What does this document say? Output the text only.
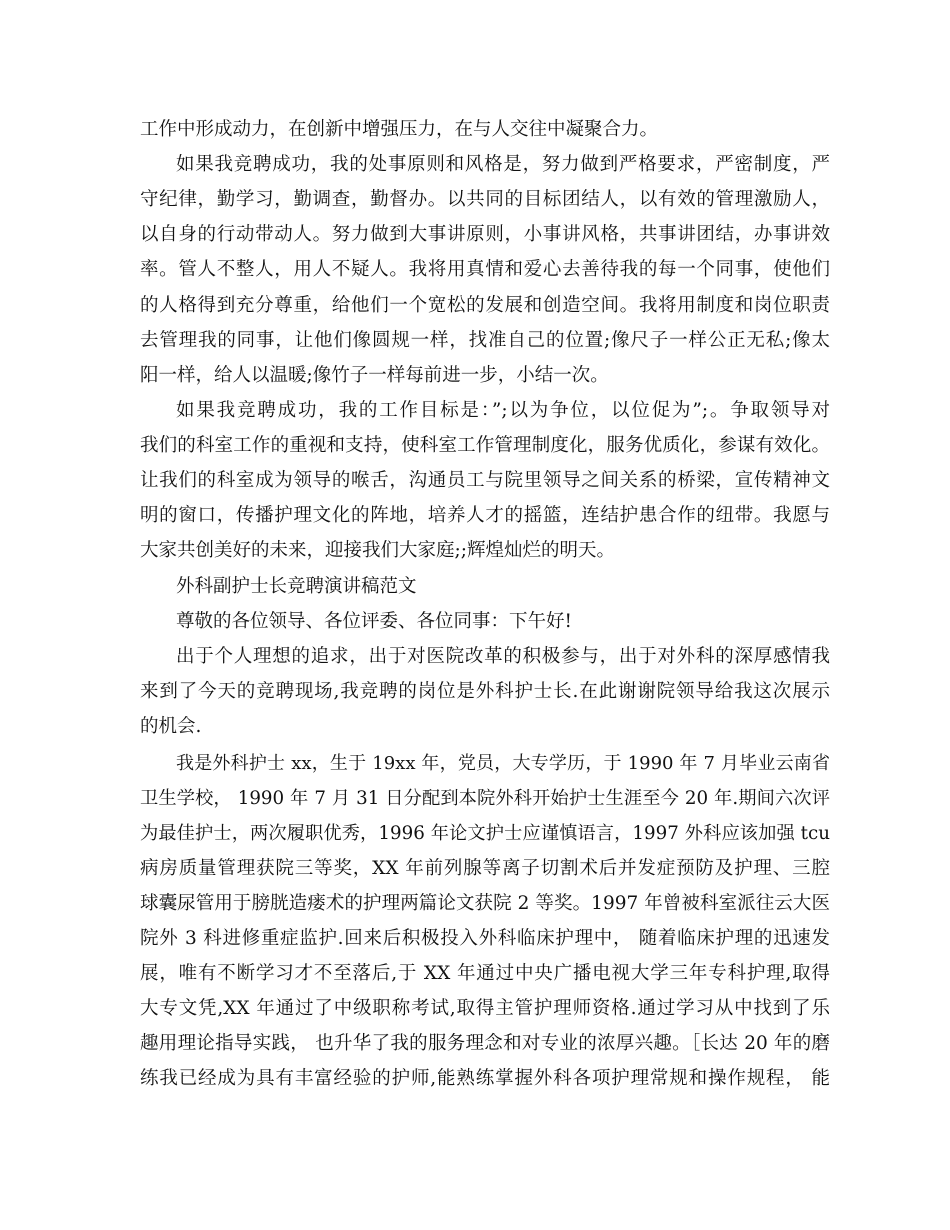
工作中形成动力，在创新中增强压力，在与人交往中凝聚合力。
如果我竞聘成功，我的处事原则和风格是，努力做到严格要求，严密制度，严
守纪律，勤学习，勤调查，勤督办。以共同的目标团结人，以有效的管理激励人，
以自身的行动带动人。努力做到大事讲原则，小事讲风格，共事讲团结，办事讲效
率。管人不整人，用人不疑人。我将用真情和爱心去善待我的每一个同事，使他们
的人格得到充分尊重，给他们一个宽松的发展和创造空间。我将用制度和岗位职责
去管理我的同事，让他们像圆规一样，找准自己的位置;像尺子一样公正无私;像太
阳一样，给人以温暖;像竹子一样每前进一步，小结一次。
如果我竞聘成功，我的工作目标是：”;以为争位，以位促为”;。争取领导对
我们的科室工作的重视和支持，使科室工作管理制度化，服务优质化，参谋有效化。
让我们的科室成为领导的喉舌，沟通员工与院里领导之间关系的桥梁，宣传精神文
明的窗口，传播护理文化的阵地，培养人才的摇篮，连结护患合作的纽带。我愿与
大家共创美好的未来，迎接我们大家庭;;辉煌灿烂的明天。
外科副护士长竞聘演讲稿范文
尊敬的各位领导、各位评委、各位同事：下午好!
出于个人理想的追求，出于对医院改革的积极参与，出于对外科的深厚感情我
来到了今天的竞聘现场,我竞聘的岗位是外科护士长.在此谢谢院领导给我这次展示
的机会.
我是外科护士 xx，生于 19xx 年，党员，大专学历，于 1990 年 7 月毕业云南省
卫生学校， 1990 年 7 月 31 日分配到本院外科开始护士生涯至今 20 年.期间六次评
为最佳护士，两次履职优秀，1996 年论文护士应谨慎语言，1997 外科应该加强 tcu
病房质量管理获院三等奖，XX 年前列腺等离子切割术后并发症预防及护理、三腔
球囊尿管用于膀胱造瘘术的护理两篇论文获院 2 等奖。1997 年曾被科室派往云大医
院外 3 科进修重症监护.回来后积极投入外科临床护理中， 随着临床护理的迅速发
展，唯有不断学习才不至落后,于 XX 年通过中央广播电视大学三年专科护理,取得
大专文凭,XX 年通过了中级职称考试,取得主管护理师资格.通过学习从中找到了乐
趣用理论指导实践， 也升华了我的服务理念和对专业的浓厚兴趣。［长达 20 年的磨
练我已经成为具有丰富经验的护师,能熟练掌握外科各项护理常规和操作规程， 能
